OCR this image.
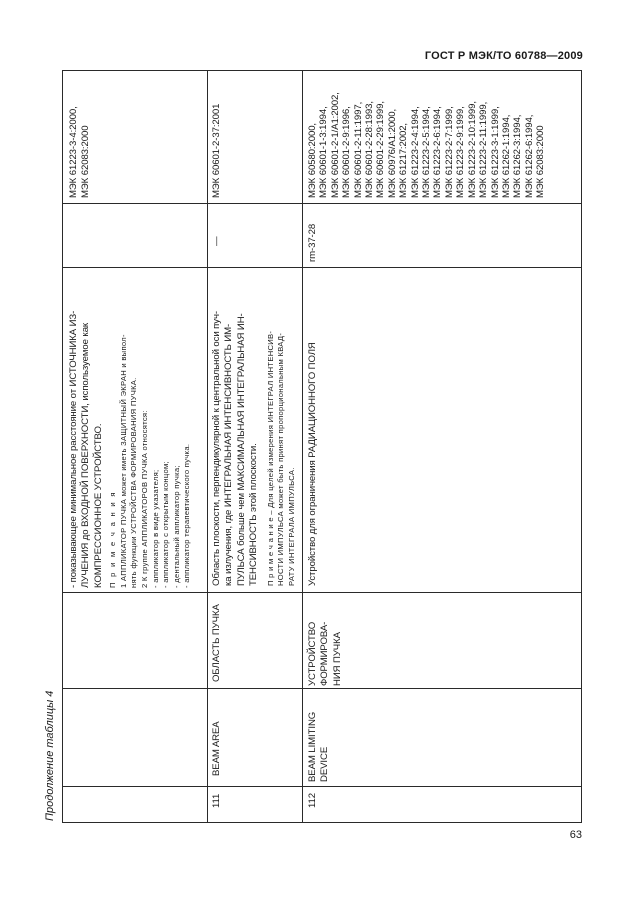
ГОСТ Р МЭК/ТО 60788—2009
Продолжение таблицы 4
63

- показывающее минимальное расстояние от ИСТОЧНИКА ИЗ- ЛУЧЕНИЯ до ВХОДНОЙ ПОВЕРХНОСТИ, используемое как КОМПРЕССИОННОЕ УСТРОЙСТВО. П р и м е ч а н и я 1 АППЛИКАТОР ПУЧКА может иметь ЗАЩИТНЫЙ ЭКРАН и выпол- нять функции УСТРОЙСТВА ФОРМИРОВАНИЯ ПУЧКА. 2 К группе АППЛИКАТОРОВ ПУЧКА относятся: - аппликатор в виде указателя; - аппликатор с открытым концом; - дентальный аппликатор пучка; - аппликатор терапевтического пучка.

МЭК 61223-3-4:2000, МЭК 62083:2000

111
BEAM AREA
ОБЛАСТЬ ПУЧКА

Область плоскости, перпендикулярной к центральной оси пуч- ка излучения, где ИНТЕГРАЛЬНАЯ ИНТЕНСИВНОСТЬ ИМ- ПУЛЬСА больше чем МАКСИМАЛЬНАЯ ИНТЕГРАЛЬНАЯ ИН- ТЕНСИВНОСТЬ этой плоскости. П р и м е ч а н и е – Для целей измерения ИНТЕГРАЛ ИНТЕНСИВ- НОСТИ ИМПУЛЬСА может быть принят пропорциональным КВАД- РАТУ ИНТЕГРАЛА ИМПУЛЬСА.

—
МЭК 60601-2-37:2001
112
BEAM LIMITING DEVICE
УСТРОЙСТВО ФОРМИРОВА-НИЯ ПУЧКА

Устройство для ограничения РАДИАЦИОННОГО ПОЛЯ

rm-37-28

МЭК 60580:2000, МЭК 60601-1-3:1994, МЭК 60601-2-1/А1:2002, МЭК 60601-2-9:1996, МЭК 60601-2-11:1997, МЭК 60601-2-28:1993, МЭК 60601-2-29:1999, МЭК 60976/А1:2000, МЭК 61217:2002, МЭК 61223-2-4:1994, МЭК 61223-2-5:1994, МЭК 61223-2-6:1994, МЭК 61223-2-7:1999, МЭК 61223-2-9:1999, МЭК 61223-2-10:1999, МЭК 61223-2-11:1999, МЭК 61223-3-1:1999, МЭК 61262-1:1994, МЭК 61262-3:1994, МЭК 61262-6:1994, МЭК 62083:2000
